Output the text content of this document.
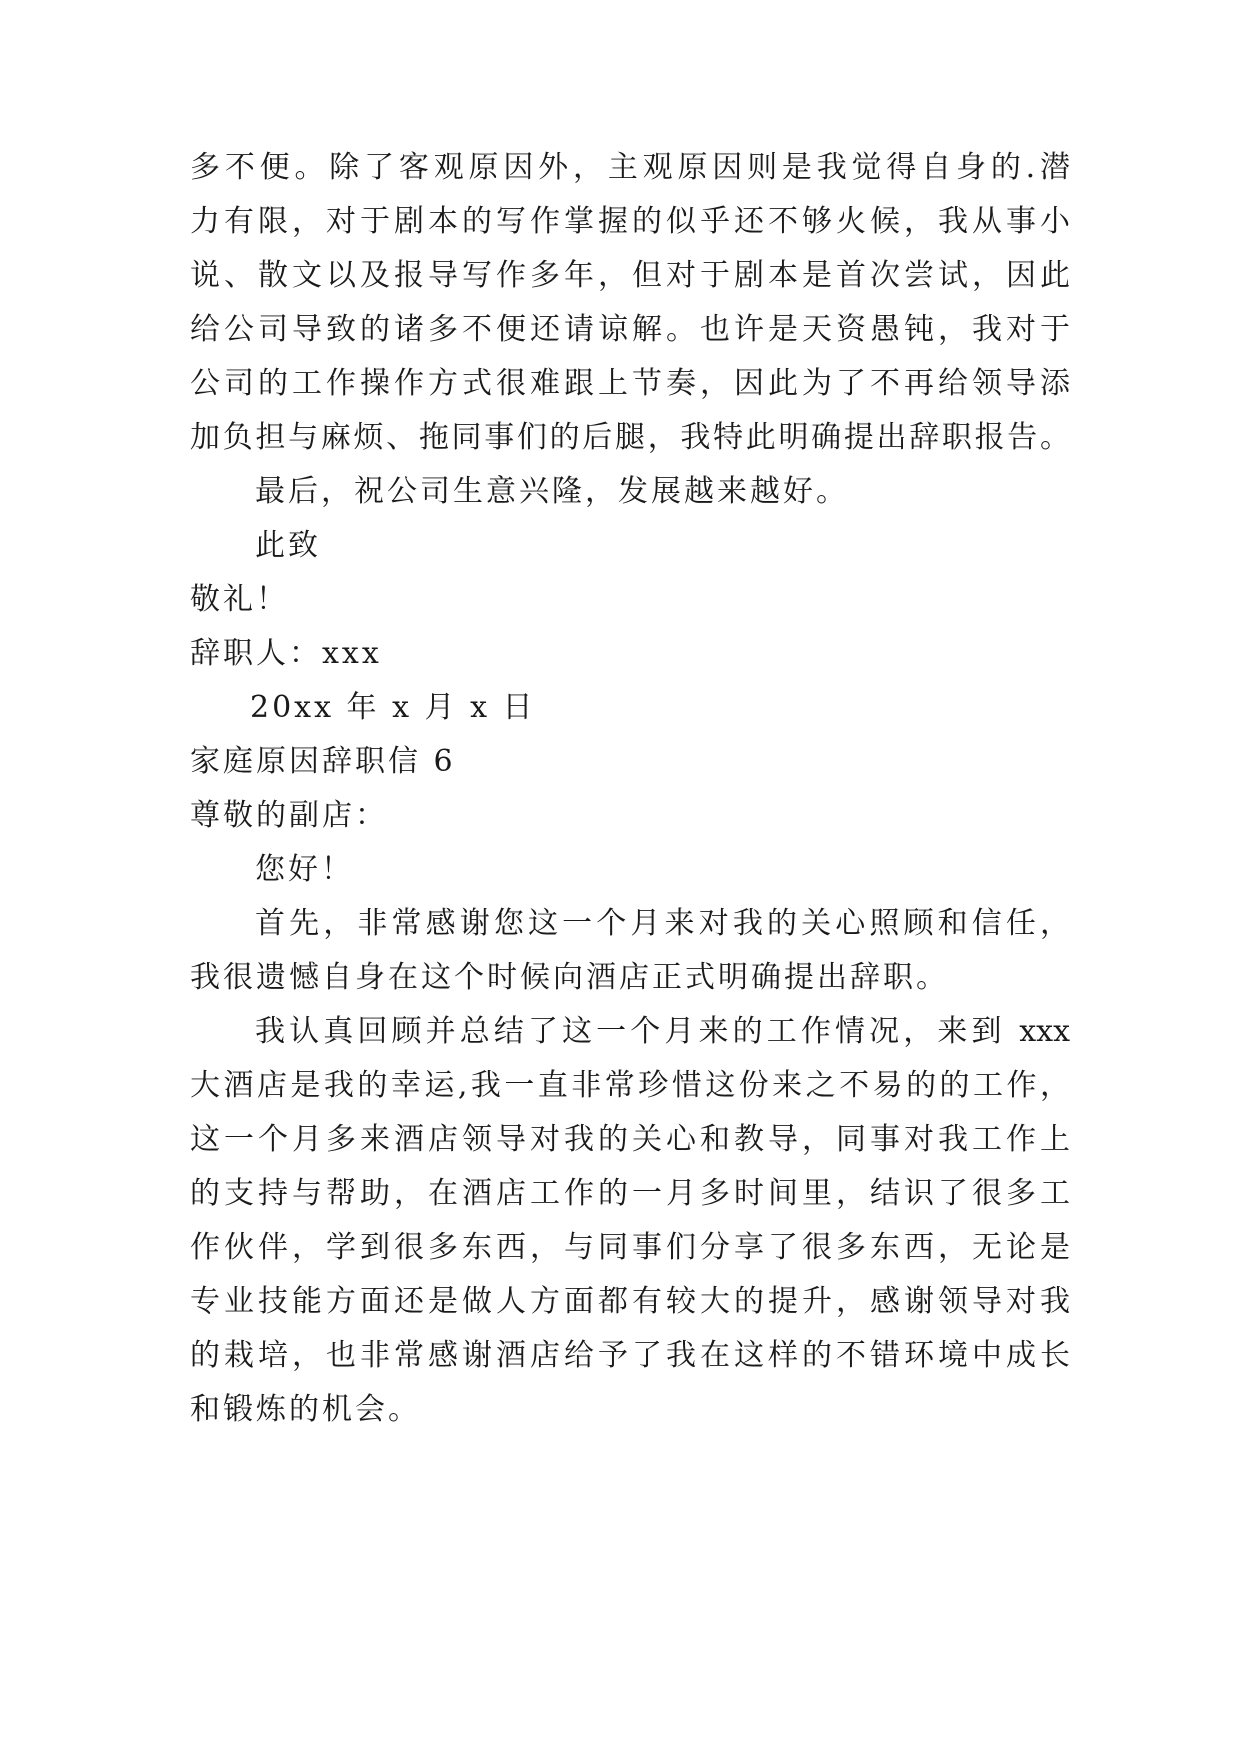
多不便。除了客观原因外，主观原因则是我觉得自身的.潜
力有限，对于剧本的写作掌握的似乎还不够火候，我从事小
说、散文以及报导写作多年，但对于剧本是首次尝试，因此
给公司导致的诸多不便还请谅解。也许是天资愚钝，我对于
公司的工作操作方式很难跟上节奏，因此为了不再给领导添
加负担与麻烦、拖同事们的后腿，我特此明确提出辞职报告。
最后，祝公司生意兴隆，发展越来越好。
此致
敬礼！
辞职人：xxx
20xx 年 x 月 x 日
家庭原因辞职信 6
尊敬的副店：
您好！
首先，非常感谢您这一个月来对我的关心照顾和信任，
我很遗憾自身在这个时候向酒店正式明确提出辞职。
我认真回顾并总结了这一个月来的工作情况，来到 xxx
大酒店是我的幸运,我一直非常珍惜这份来之不易的的工作，
这一个月多来酒店领导对我的关心和教导，同事对我工作上
的支持与帮助，在酒店工作的一月多时间里，结识了很多工
作伙伴，学到很多东西，与同事们分享了很多东西，无论是
专业技能方面还是做人方面都有较大的提升，感谢领导对我
的栽培，也非常感谢酒店给予了我在这样的不错环境中成长
和锻炼的机会。
